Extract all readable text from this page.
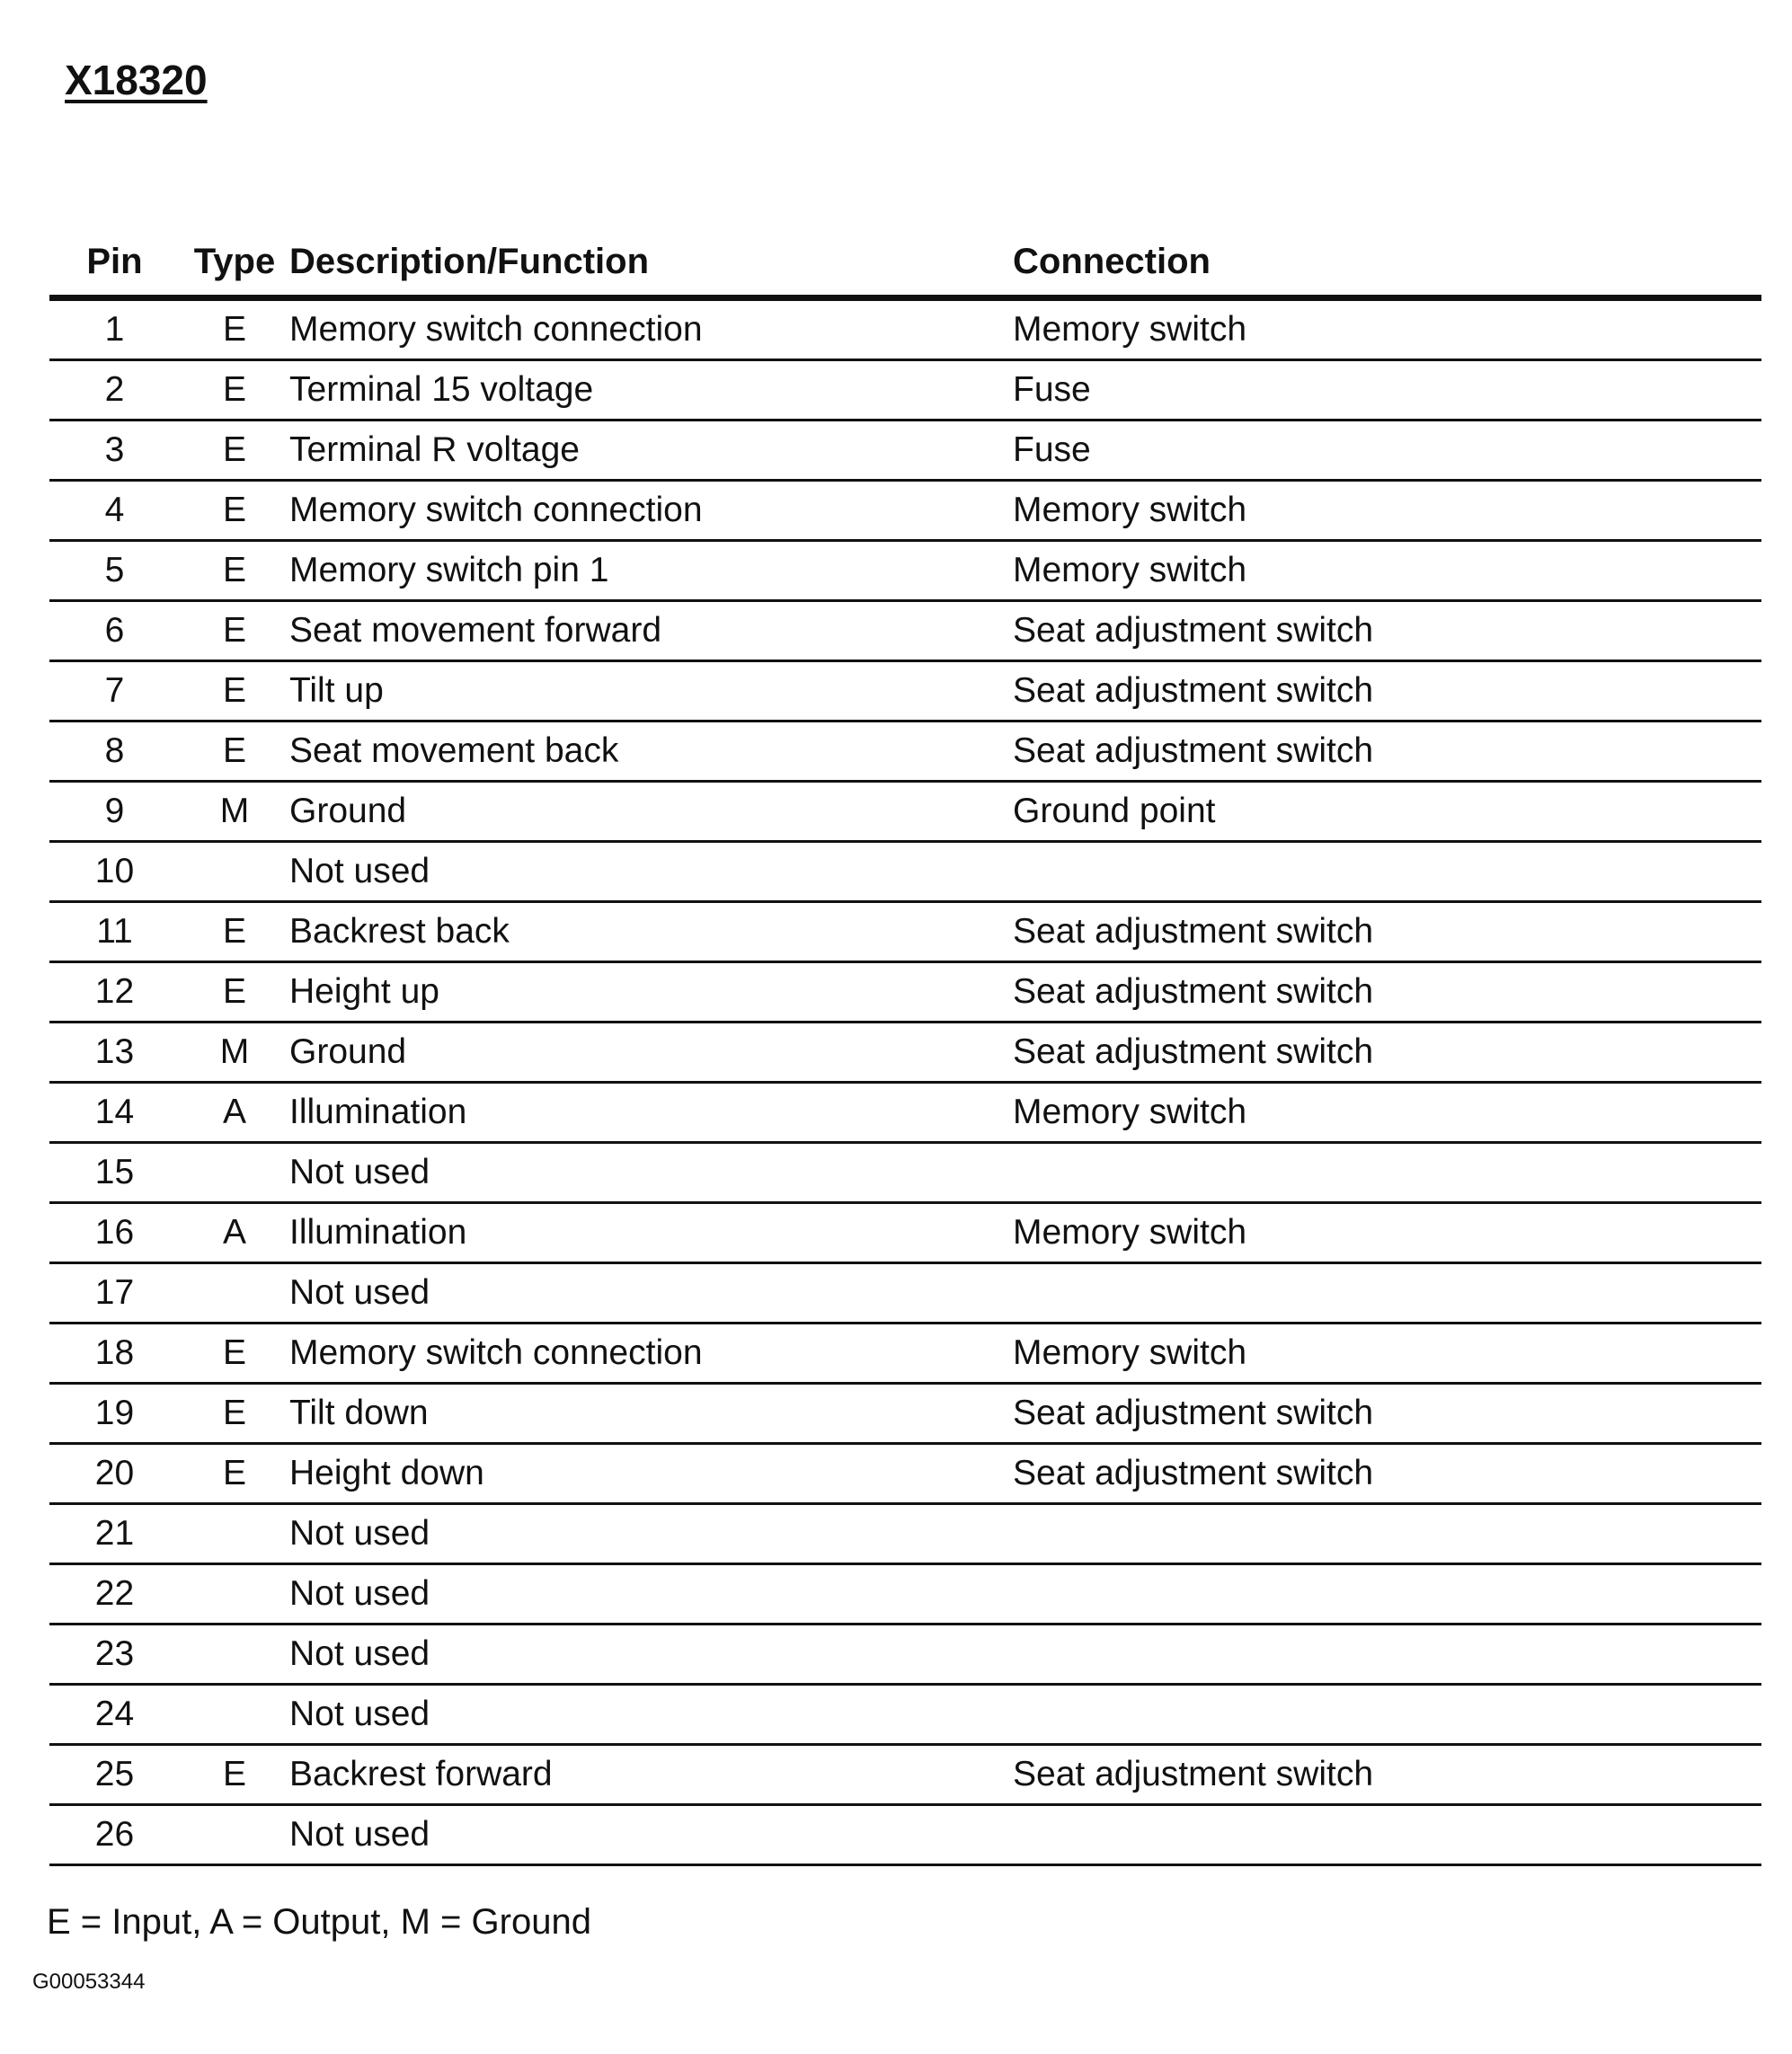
X18320
Pin	Type	Description/Function	Connection
1	E	Memory switch connection	Memory switch
2	E	Terminal 15 voltage	Fuse
3	E	Terminal R voltage	Fuse
4	E	Memory switch connection	Memory switch
5	E	Memory switch pin 1	Memory switch
6	E	Seat movement forward	Seat adjustment switch
7	E	Tilt up	Seat adjustment switch
8	E	Seat movement back	Seat adjustment switch
9	M	Ground	Ground point
10		Not used	
11	E	Backrest back	Seat adjustment switch
12	E	Height up	Seat adjustment switch
13	M	Ground	Seat adjustment switch
14	A	Illumination	Memory switch
15		Not used	
16	A	Illumination	Memory switch
17		Not used	
18	E	Memory switch connection	Memory switch
19	E	Tilt down	Seat adjustment switch
20	E	Height down	Seat adjustment switch
21		Not used	
22		Not used	
23		Not used	
24		Not used	
25	E	Backrest forward	Seat adjustment switch
26		Not used	

E = Input, A = Output, M = Ground

G00053344
